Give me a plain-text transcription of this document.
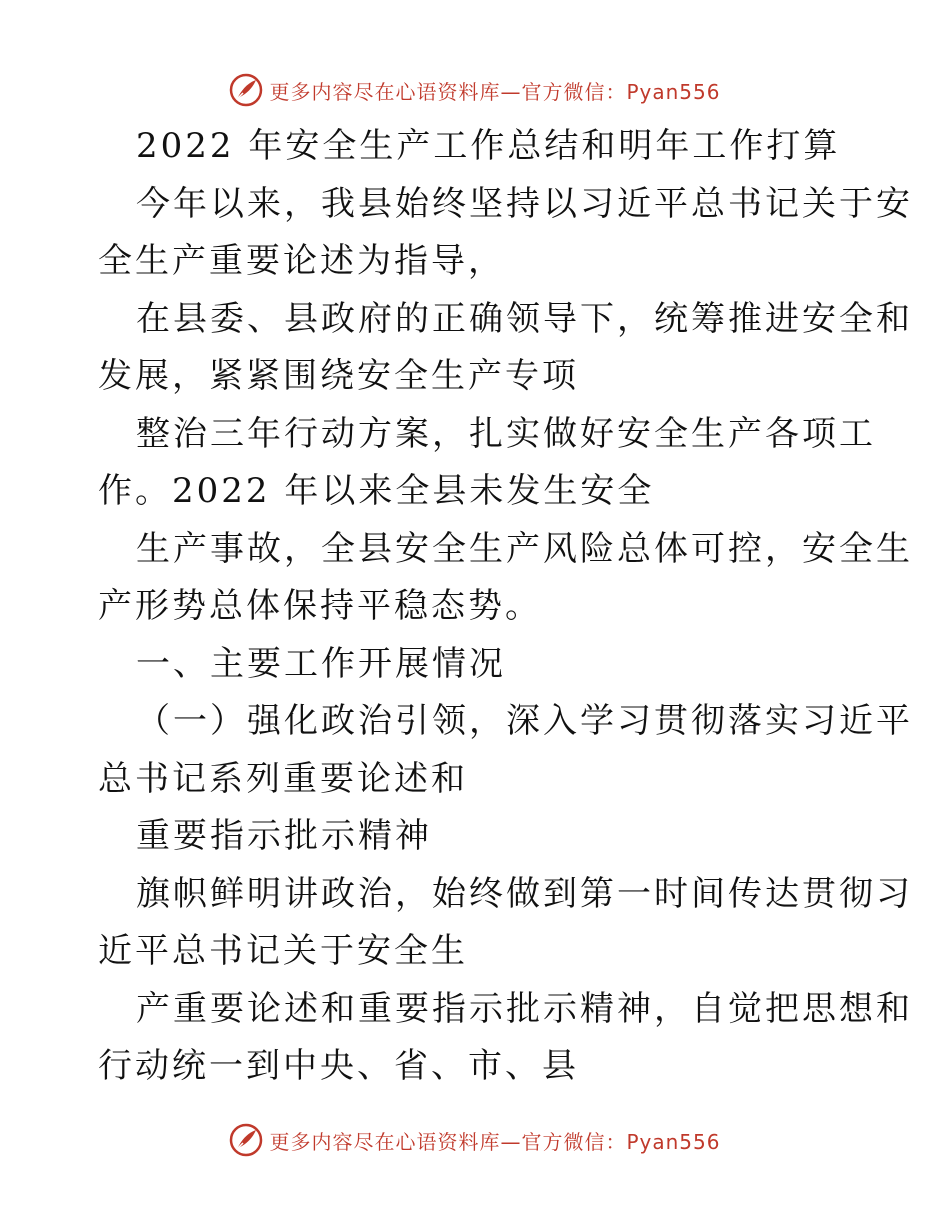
更多内容尽在心语资料库—官方微信：Pyan556
2022 年安全生产工作总结和明年工作打算
今年以来，我县始终坚持以习近平总书记关于安
全生产重要论述为指导，
在县委、县政府的正确领导下，统筹推进安全和
发展，紧紧围绕安全生产专项
整治三年行动方案，扎实做好安全生产各项工
作。2022 年以来全县未发生安全
生产事故，全县安全生产风险总体可控，安全生
产形势总体保持平稳态势。
一、主要工作开展情况
（一）强化政治引领，深入学习贯彻落实习近平
总书记系列重要论述和
重要指示批示精神
旗帜鲜明讲政治，始终做到第一时间传达贯彻习
近平总书记关于安全生
产重要论述和重要指示批示精神，自觉把思想和
行动统一到中央、省、市、县
更多内容尽在心语资料库—官方微信：Pyan556
